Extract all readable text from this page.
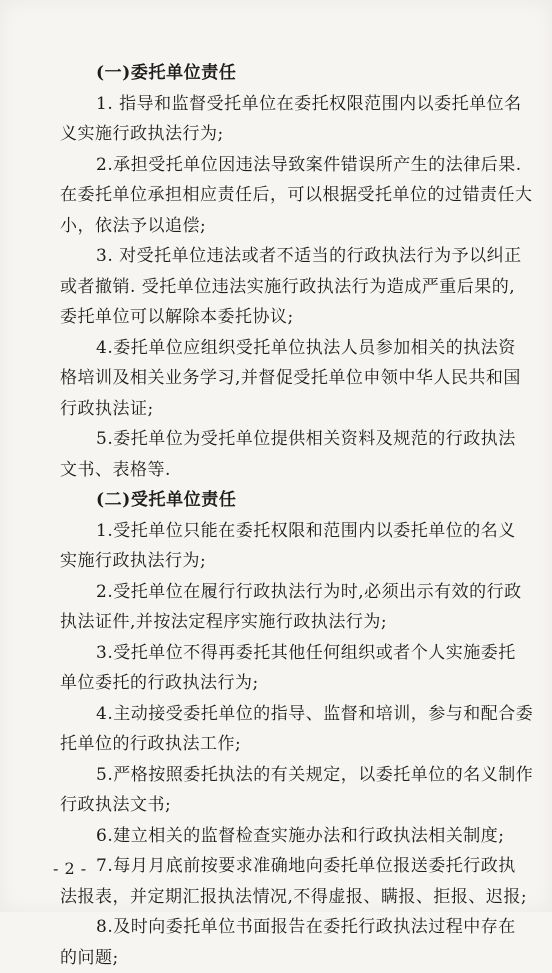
(一)委托单位责任
1. 指导和监督受托单位在委托权限范围内以委托单位名
义实施行政执法行为;
2.承担受托单位因违法导致案件错误所产生的法律后果.
在委托单位承担相应责任后，可以根据受托单位的过错责任大
小，依法予以追偿;
3. 对受托单位违法或者不适当的行政执法行为予以纠正
或者撤销. 受托单位违法实施行政执法行为造成严重后果的,
委托单位可以解除本委托协议;
4.委托单位应组织受托单位执法人员参加相关的执法资
格培训及相关业务学习,并督促受托单位申领中华人民共和国
行政执法证;
5.委托单位为受托单位提供相关资料及规范的行政执法
文书、表格等.
(二)受托单位责任
1.受托单位只能在委托权限和范围内以委托单位的名义
实施行政执法行为;
2.受托单位在履行行政执法行为时,必须出示有效的行政
执法证件,并按法定程序实施行政执法行为;
3.受托单位不得再委托其他任何组织或者个人实施委托
单位委托的行政执法行为;
4.主动接受委托单位的指导、监督和培训，参与和配合委
托单位的行政执法工作;
5.严格按照委托执法的有关规定，以委托单位的名义制作
行政执法文书;
6.建立相关的监督检查实施办法和行政执法相关制度;
7.每月月底前按要求准确地向委托单位报送委托行政执
法报表，并定期汇报执法情况,不得虚报、瞒报、拒报、迟报;
8.及时向委托单位书面报告在委托行政执法过程中存在
的问题;
- 2 -
